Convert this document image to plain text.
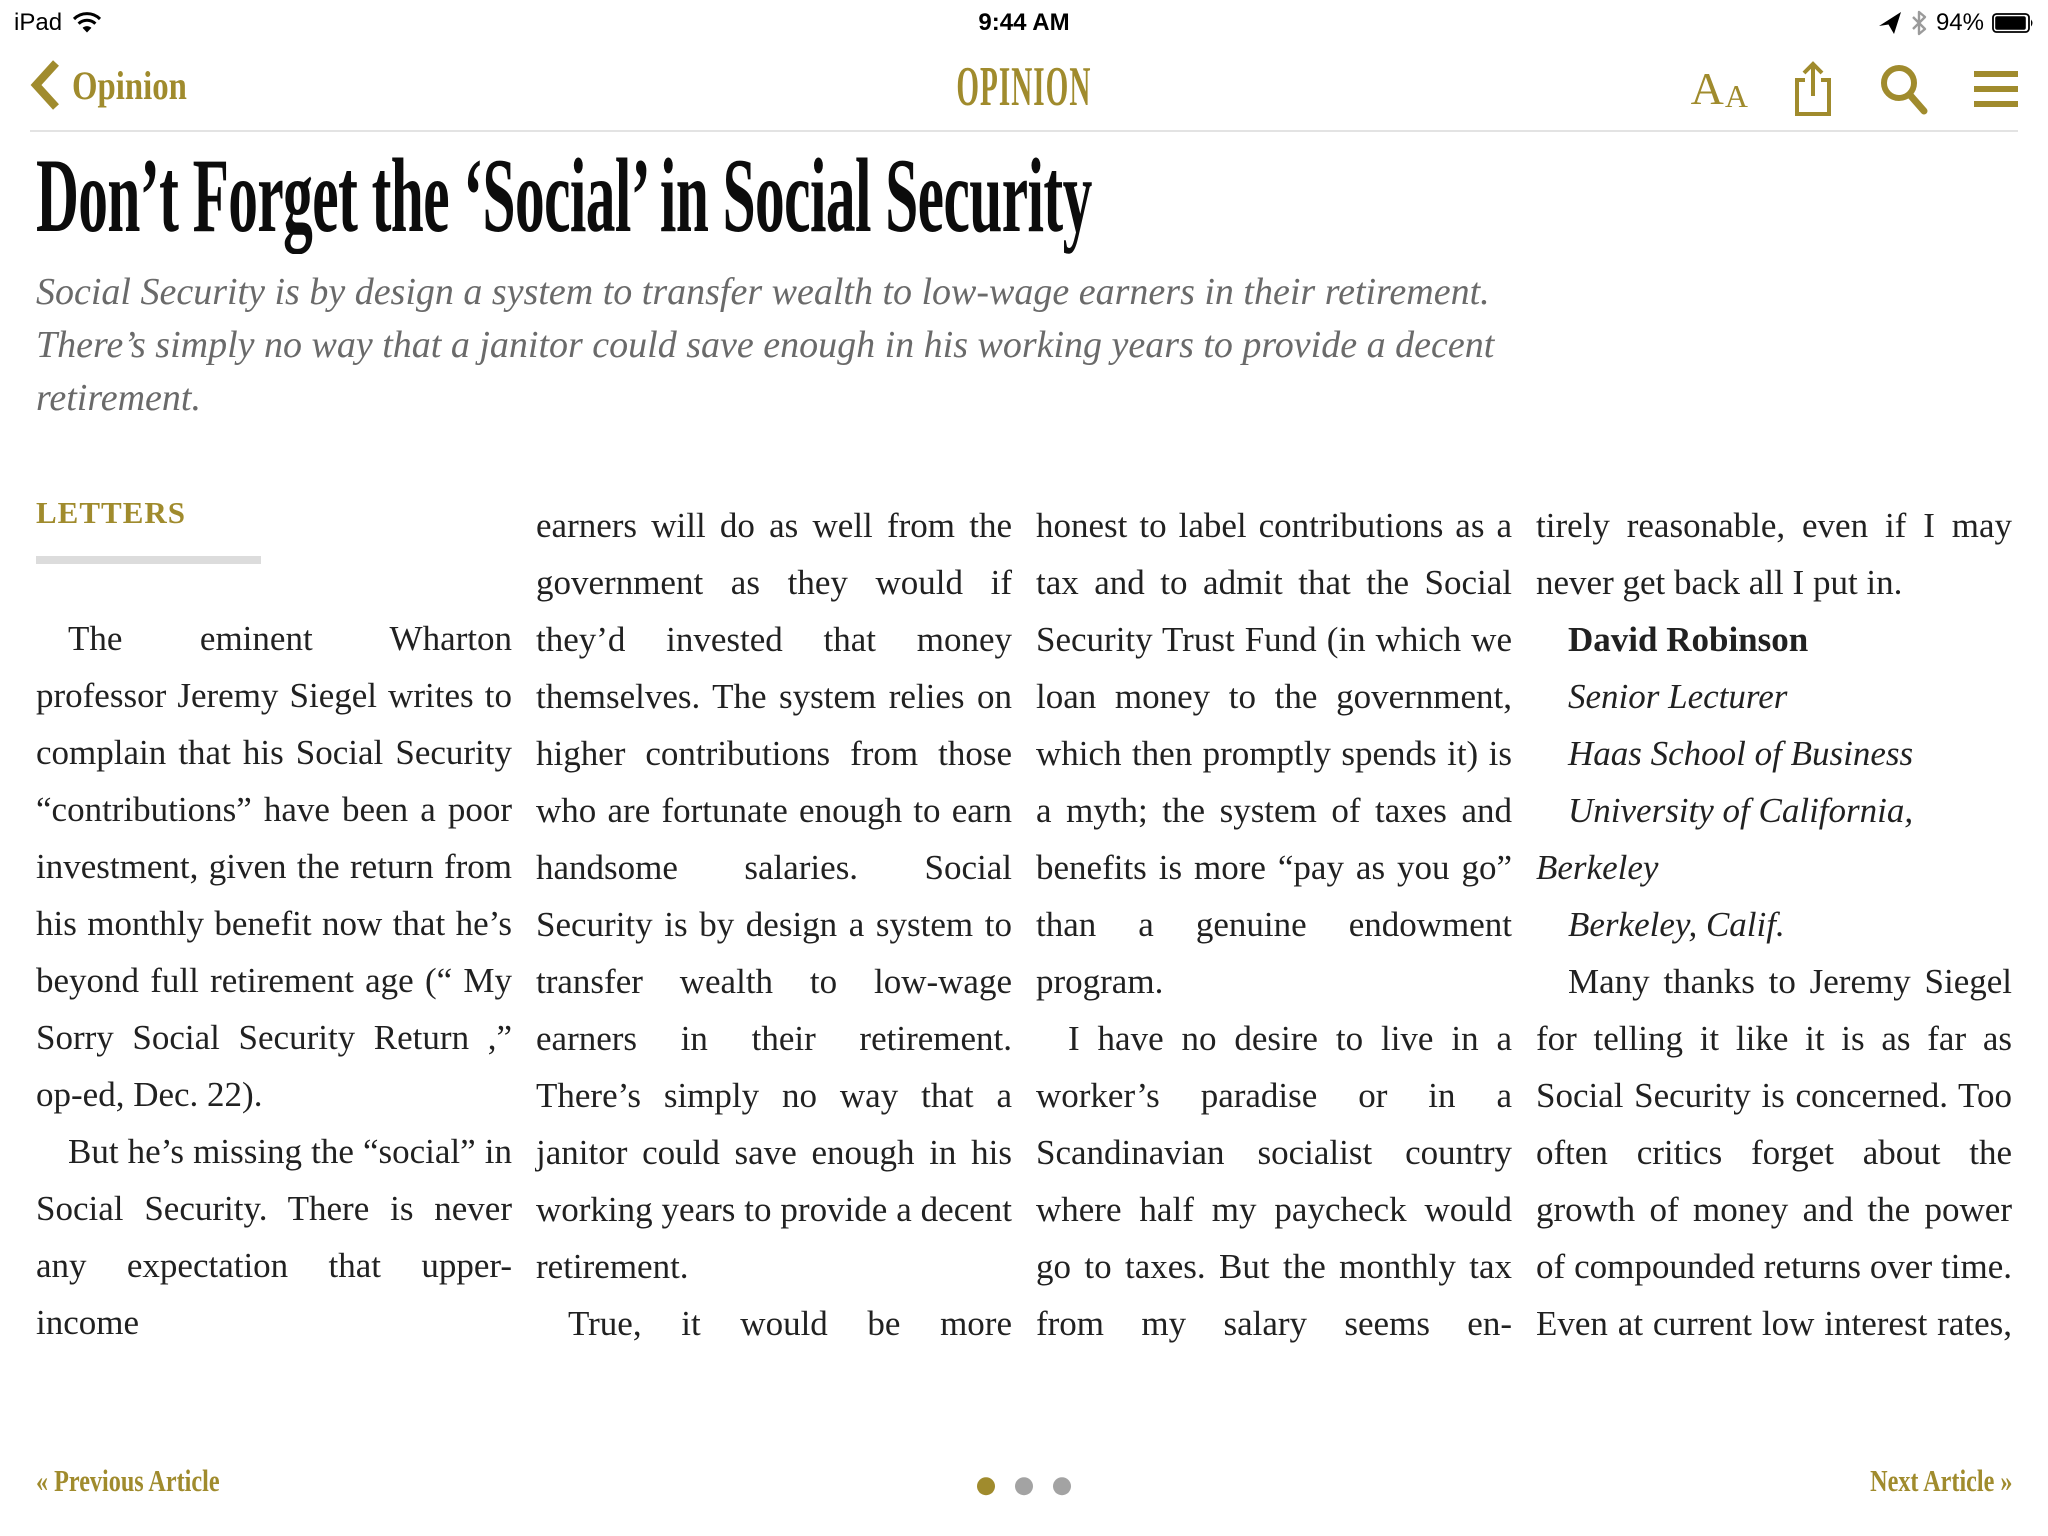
iPad	9:44 AM	94%
Opinion	OPINION	A A
Don’t Forget the ‘Social’ in Social Security

Social Security is by design a system to transfer wealth to low-wage earners in their retirement. There’s simply no way that a janitor could save enough in his working years to provide a decent retirement.

LETTERS

The eminent Wharton professor Jeremy Siegel writes to complain that his Social Security “contributions” have been a poor investment, given the return from his monthly benefit now that he’s beyond full retirement age (“ My Sorry Social Security Return ,” op-ed, Dec. 22).

But he’s missing the “social” in Social Security. There is never any expectation that upper-income

earners will do as well from the government as they would if they’d invested that money themselves. The system relies on higher contributions from those who are fortunate enough to earn handsome salaries. Social Security is by design a system to transfer wealth to low-wage earners in their retirement. There’s simply no way that a janitor could save enough in his working years to provide a decent retirement.

True, it would be more

honest to label contributions as a tax and to admit that the Social Security Trust Fund (in which we loan money to the government, which then promptly spends it) is a myth; the system of taxes and benefits is more “pay as you go” than a genuine endowment program.

I have no desire to live in a worker’s paradise or in a Scandinavian socialist country where half my paycheck would go to taxes. But the monthly tax from my salary seems en-

tirely reasonable, even if I may never get back all I put in.

David Robinson

Senior Lecturer

Haas School of Business

University of California, Berkeley

Berkeley, Calif.

Many thanks to Jeremy Siegel for telling it like it is as far as Social Security is concerned. Too often critics forget about the growth of money and the power of compounded returns over time. Even at current low interest rates,

« Previous Article	Next Article »
